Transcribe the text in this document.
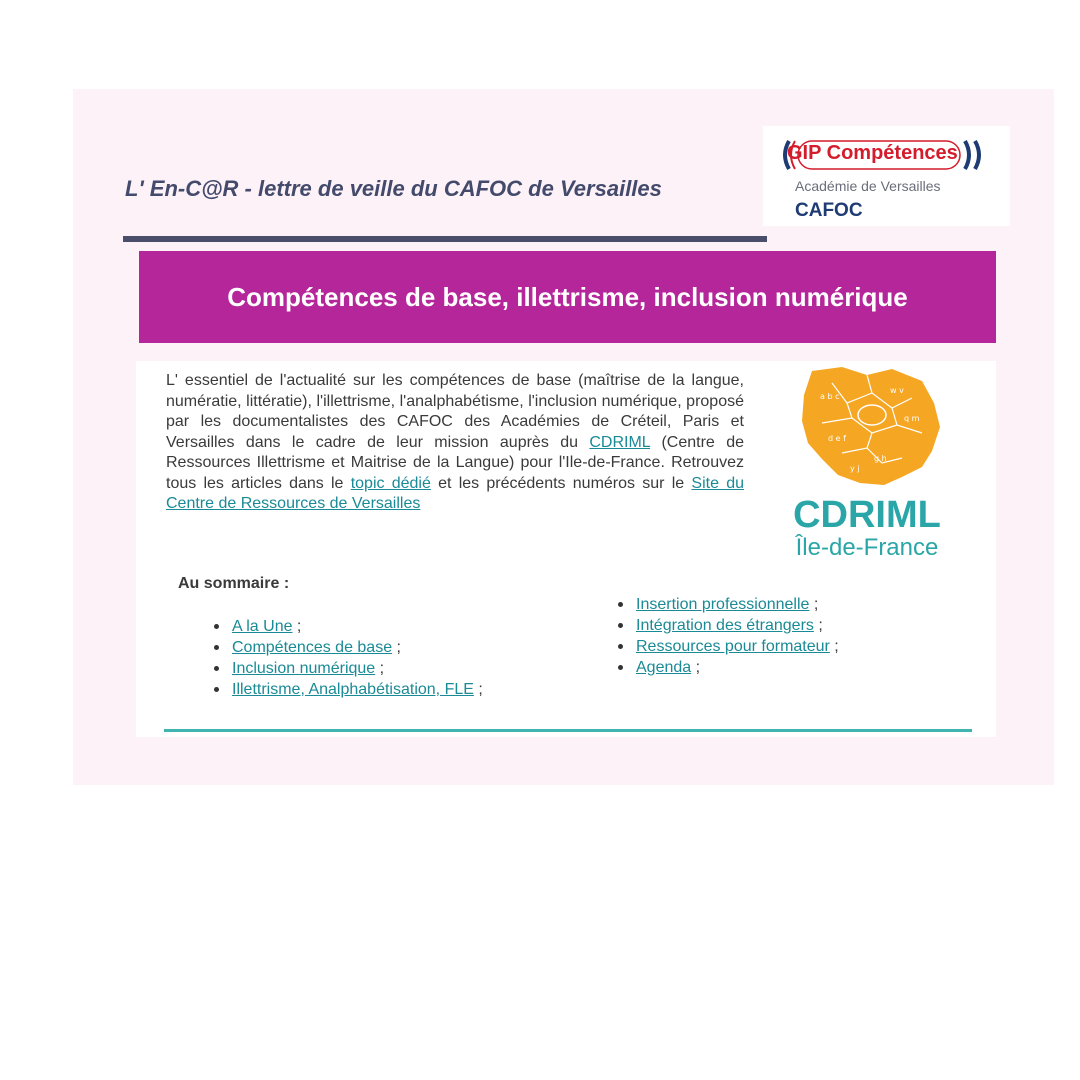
L' En-C@R - lettre de veille du CAFOC de Versailles
GIP Compétences
Académie de Versailles
CAFOC
Compétences de base, illettrisme, inclusion numérique
L' essentiel de l'actualité sur les compétences de base (maîtrise de la langue, numératie, littératie), l'illettrisme, l'analphabétisme, l'inclusion numérique, proposé par les documentalistes des CAFOC des Académies de Créteil, Paris et Versailles dans le cadre de leur mission auprès du CDRIML (Centre de Ressources Illettrisme et Maitrise de la Langue) pour l'Ile-de-France. Retrouvez tous les articles dans le topic dédié et les précédents numéros sur le Site du Centre de Ressources de Versailles
a b c
w v
q m
d e f
g h
y j
CDRIML
Île-de-France
Au sommaire :
A la Une ;
Compétences de base ;
Inclusion numérique ;
Illettrisme, Analphabétisation, FLE ;
Insertion professionnelle ;
Intégration des étrangers ;
Ressources pour formateur ;
Agenda ;
